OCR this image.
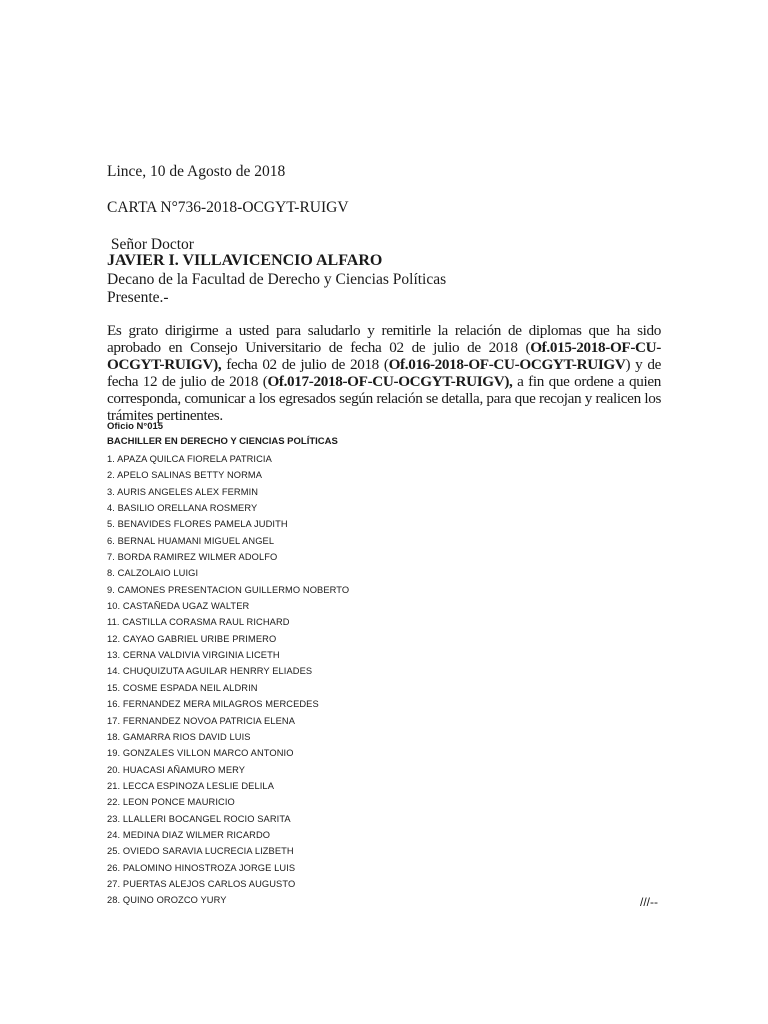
Lince, 10 de Agosto de 2018
CARTA N°736-2018-OCGYT-RUIGV
Señor Doctor
JAVIER I. VILLAVICENCIO ALFARO
Decano de la Facultad de Derecho y Ciencias Políticas
Presente.-
Es grato dirigirme a usted para saludarlo y remitirle la relación de diplomas que ha sido aprobado en Consejo Universitario de fecha 02 de julio de 2018 (Of.015-2018-OF-CU-OCGYT-RUIGV), fecha 02 de julio de 2018 (Of.016-2018-OF-CU-OCGYT-RUIGV) y de fecha 12 de julio de 2018 (Of.017-2018-OF-CU-OCGYT-RUIGV), a fin que ordene a quien corresponda, comunicar a los egresados según relación se detalla, para que recojan y realicen los trámites pertinentes.
Oficio N°015
BACHILLER EN DERECHO Y CIENCIAS POLÍTICAS
1. APAZA QUILCA FIORELA PATRICIA
2. APELO SALINAS BETTY NORMA
3. AURIS ANGELES ALEX FERMIN
4. BASILIO ORELLANA ROSMERY
5. BENAVIDES FLORES PAMELA JUDITH
6. BERNAL HUAMANI MIGUEL ANGEL
7. BORDA RAMIREZ WILMER ADOLFO
8. CALZOLAIO LUIGI
9. CAMONES PRESENTACION GUILLERMO NOBERTO
10. CASTAÑEDA UGAZ WALTER
11. CASTILLA CORASMA RAUL RICHARD
12. CAYAO GABRIEL URIBE PRIMERO
13. CERNA VALDIVIA VIRGINIA LICETH
14. CHUQUIZUTA AGUILAR HENRRY ELIADES
15. COSME ESPADA NEIL ALDRIN
16. FERNANDEZ MERA MILAGROS MERCEDES
17. FERNANDEZ NOVOA PATRICIA ELENA
18. GAMARRA RIOS DAVID LUIS
19. GONZALES VILLON MARCO ANTONIO
20. HUACASI AÑAMURO MERY
21. LECCA ESPINOZA LESLIE DELILA
22. LEON PONCE MAURICIO
23. LLALLERI BOCANGEL ROCIO SARITA
24. MEDINA DIAZ WILMER RICARDO
25. OVIEDO SARAVIA LUCRECIA LIZBETH
26. PALOMINO HINOSTROZA JORGE LUIS
27. PUERTAS ALEJOS CARLOS AUGUSTO
28. QUINO OROZCO YURY	///--
